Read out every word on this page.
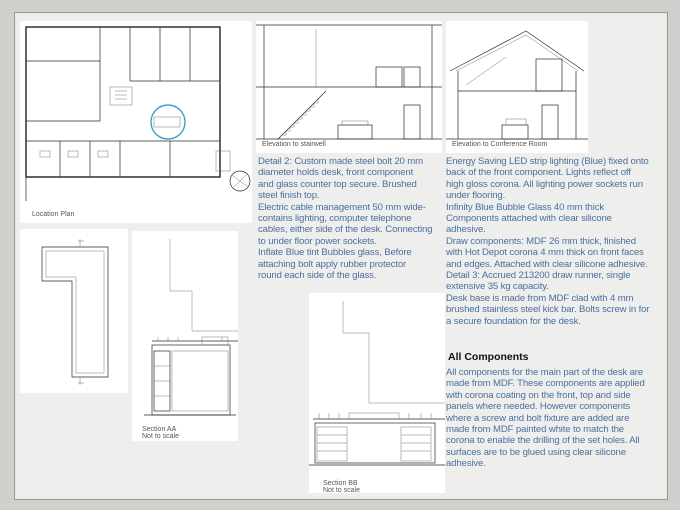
Location Plan
Elevation to stairwell	Elevation to Conference Room
Section AA
Not to scale
Section BB
Not to scale

Detail 2: Custom made steel bolt 20 mm

diameter holds desk, front component

and glass counter top secure. Brushed

steel finish top.

Electric cable management 50 mm wide-

contains lighting, computer telephone

cables, either side of the desk. Connecting

to under floor power sockets.

Inflate Blue tint Bubbles glass, Before

attaching bolt apply rubber protector

round each side of the glass.

Energy Saving LED strip lighting (Blue) fixed onto

back of the front component. Lights reflect off

high gloss corona. All lighting power sockets run

under flooring.

Infinity Blue Bubble Glass 40 mm thick

Components attached with clear silicone

adhesive.

Draw components: MDF 26 mm thick, finished

with Hot Depot corona 4 mm thick on front faces

and edges. Attached with clear silicone adhesive.

Detail 3: Accrued 213200 draw runner, single

extensive 35 kg capacity.

Desk base is made from MDF clad with 4 mm

brushed stainless steel kick bar. Bolts screw in for

a secure foundation for the desk.

All Components

All components for the main part of the desk are

made from MDF. These components are applied

with corona coating on the front, top and side

panels where needed. However components

where a screw and bolt fixture are added are

made from MDF painted white to match the

corona to enable the drilling of the set holes. All

surfaces are to be glued using clear silicone

adhesive.
